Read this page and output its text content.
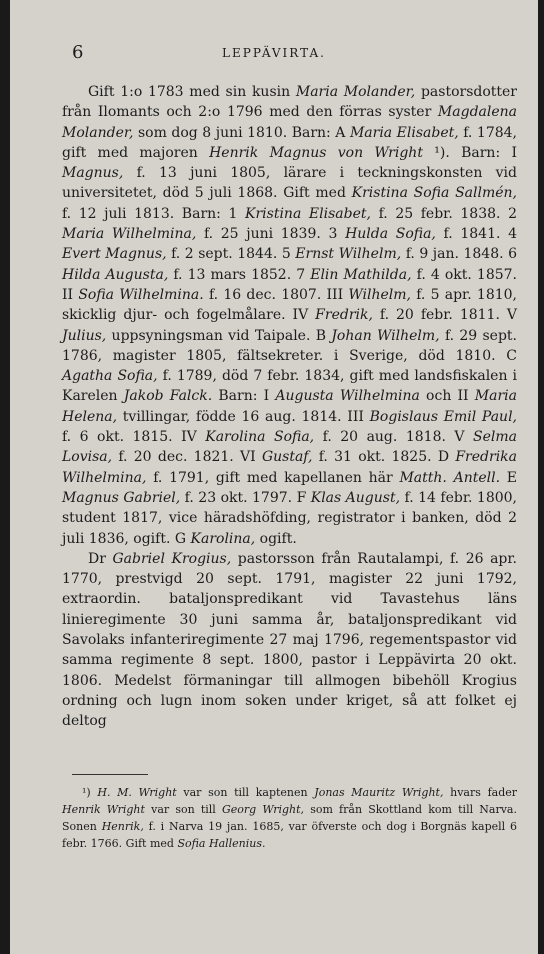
6	LEPPÄVIRTA.

Gift 1:o 1783 med sin kusin Maria Molander, pastorsdotter från Ilomants och 2:o 1796 med den förras syster Magdalena Molander, som dog 8 juni 1810. Barn: A Maria Elisabet, f. 1784, gift med majoren Henrik Magnus von Wright ¹). Barn: I Magnus, f. 13 juni 1805, lärare i teckningskonsten vid universitetet, död 5 juli 1868. Gift med Kristina Sofia Sallmén, f. 12 juli 1813. Barn: 1 Kristina Elisabet, f. 25 febr. 1838. 2 Maria Wilhelmina, f. 25 juni 1839. 3 Hulda Sofia, f. 1841. 4 Evert Magnus, f. 2 sept. 1844. 5 Ernst Wilhelm, f. 9 jan. 1848. 6 Hilda Augusta, f. 13 mars 1852. 7 Elin Mathilda, f. 4 okt. 1857. II Sofia Wilhelmina. f. 16 dec. 1807. III Wilhelm, f. 5 apr. 1810, skicklig djur- och fogelmålare. IV Fredrik, f. 20 febr. 1811. V Julius, uppsyningsman vid Taipale. B Johan Wilhelm, f. 29 sept. 1786, magister 1805, fältsekreter. i Sverige, död 1810. C Agatha Sofia, f. 1789, död 7 febr. 1834, gift med landsfiskalen i Karelen Jakob Falck. Barn: I Augusta Wilhelmina och II Maria Helena, tvillingar, födde 16 aug. 1814. III Bogislaus Emil Paul, f. 6 okt. 1815. IV Karolina Sofia, f. 20 aug. 1818. V Selma Lovisa, f. 20 dec. 1821. VI Gustaf, f. 31 okt. 1825. D Fredrika Wilhelmina, f. 1791, gift med kapellanen här Matth. Antell. E Magnus Gabriel, f. 23 okt. 1797. F Klas August, f. 14 febr. 1800, student 1817, vice häradshöfding, registrator i banken, död 2 juli 1836, ogift. G Karolina, ogift.

Dr Gabriel Krogius, pastorsson från Rautalampi, f. 26 apr. 1770, prestvigd 20 sept. 1791, magister 22 juni 1792, extraordin. bataljonspredikant vid Tavastehus läns linieregimente 30 juni samma år, bataljonspredikant vid Savolaks infanteriregimente 27 maj 1796, regementspastor vid samma regimente 8 sept. 1800, pastor i Leppävirta 20 okt. 1806. Medelst förmaningar till allmogen bibehöll Krogius ordning och lugn inom soken under kriget, så att folket ej deltog

¹) H. M. Wright var son till kaptenen Jonas Mauritz Wright, hvars fader Henrik Wright var son till Georg Wright, som från Skottland kom till Narva. Sonen Henrik, f. i Narva 19 jan. 1685, var öfverste och dog i Borgnäs kapell 6 febr. 1766. Gift med Sofia Hallenius.
